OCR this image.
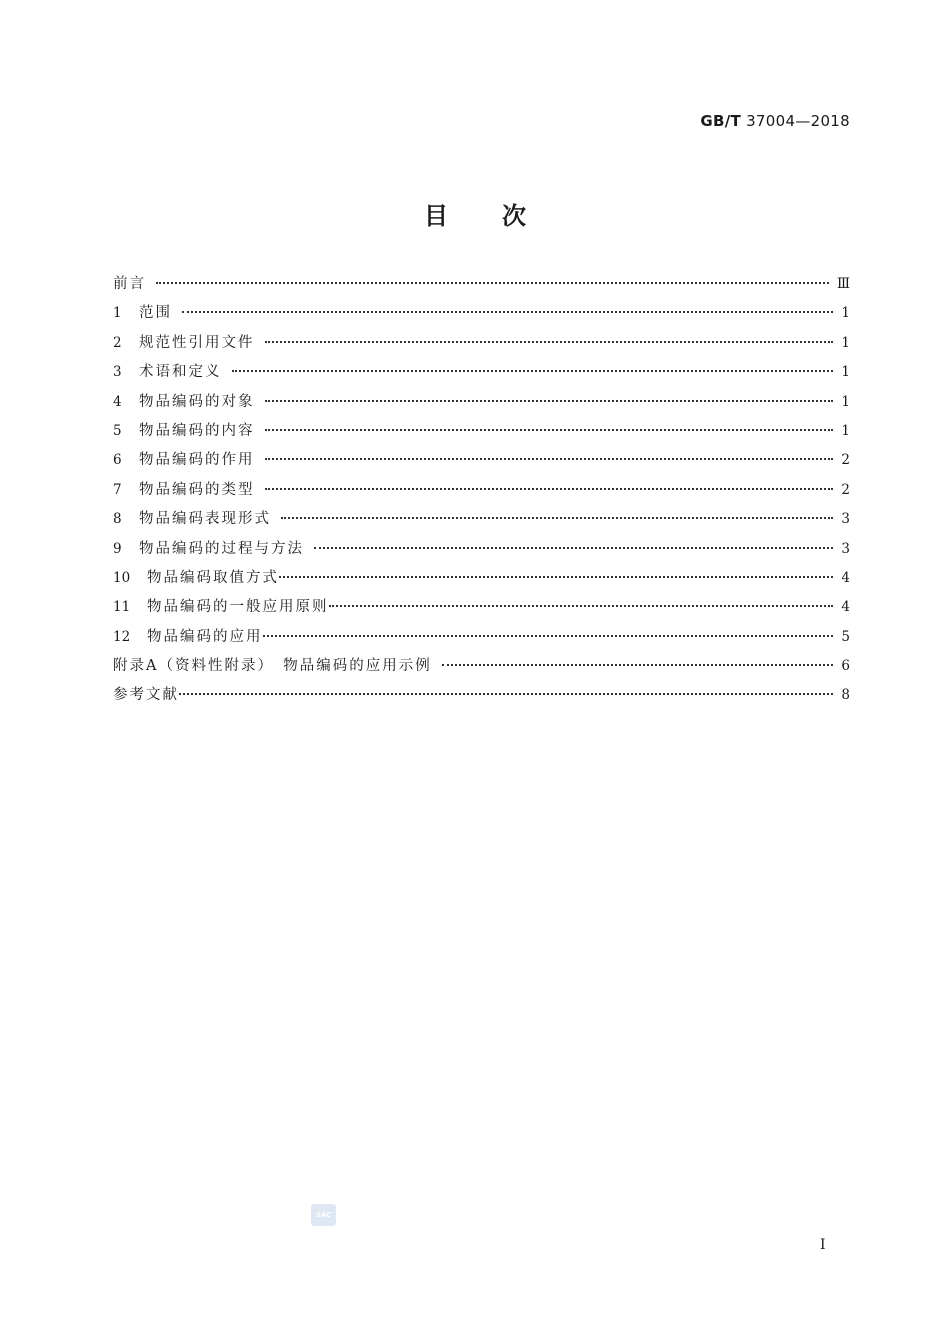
GB/T 37004—2018
目次
前言	Ⅲ
1	范围	1
2	规范性引用文件	1
3	术语和定义	1
4	物品编码的对象	1
5	物品编码的内容	1
6	物品编码的作用	2
7	物品编码的类型	2
8	物品编码表现形式	3
9	物品编码的过程与方法	3
10	物品编码取值方式	4
11	物品编码的一般应用原则	4
12	物品编码的应用	5
附录A（资料性附录）　物品编码的应用示例	6
参考文献	8
SAC
I
